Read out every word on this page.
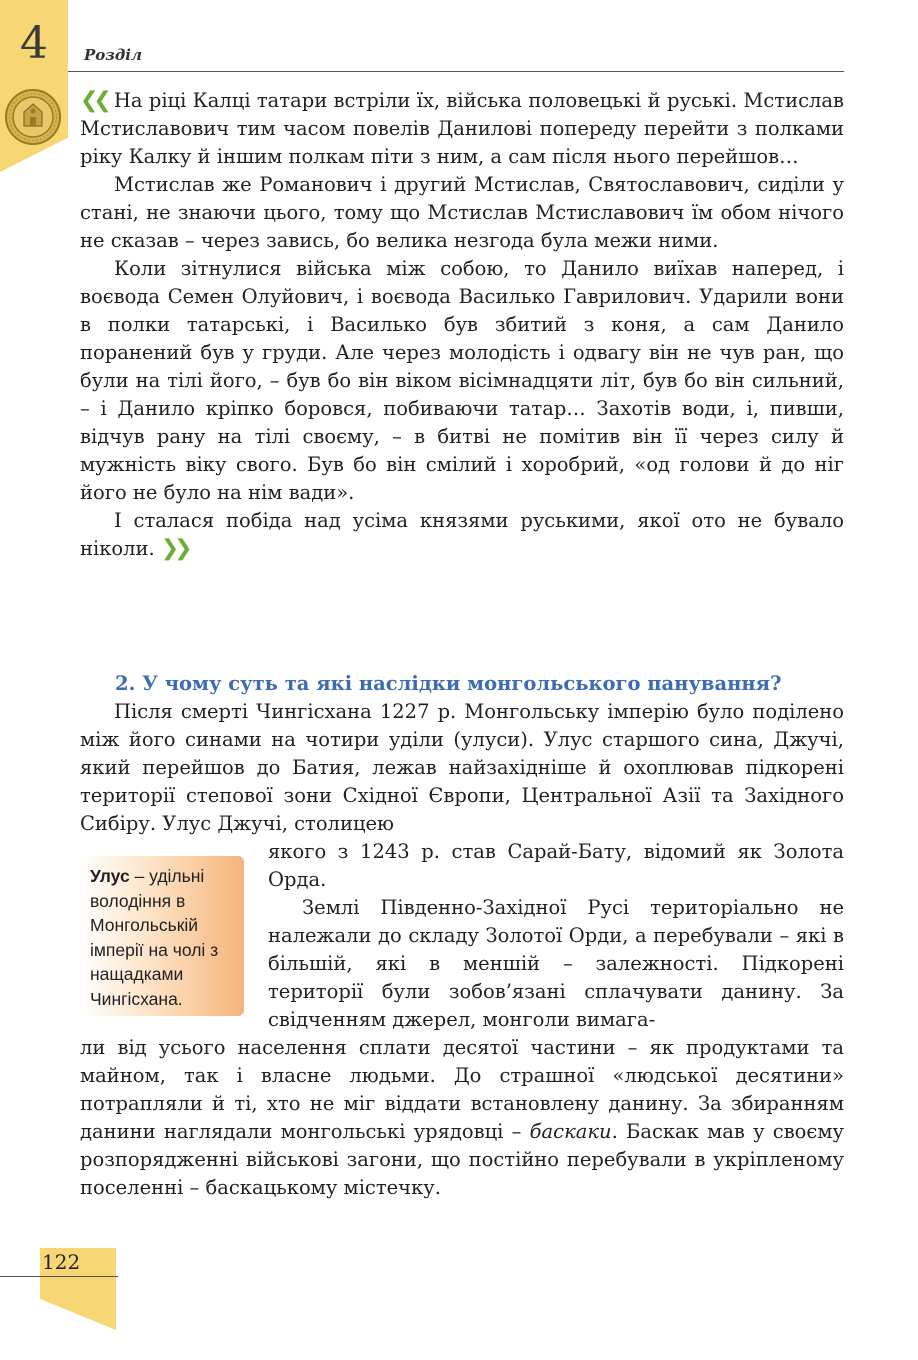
4	Розділ

❮❮ На ріці Калці татари встріли їх, війська половецькі й руські. Мстислав Мстиславович тим часом повелів Данилові попереду перейти з полками ріку Калку й іншим полкам піти з ним, а сам після нього перейшов…

Мстислав же Романович і другий Мстислав, Святославович, сиділи у стані, не знаючи цього, тому що Мстислав Мстиславович їм обом нічого не сказав – через завись, бо велика незгода була межи ними.

Коли зітнулися війська між собою, то Данило виїхав наперед, і воєвода Семен Олуйович, і воєвода Василько Гаврилович. Ударили вони в полки татарські, і Василько був збитий з коня, а сам Данило поранений був у груди. Але через молодість і одвагу він не чув ран, що були на тілі його, – був бо він віком вісімнадцяти літ, був бо він сильний, – і Данило кріпко боровся, побиваючи татар… Захотів води, і, пивши, відчув рану на тілі своєму, – в битві не помітив він її через силу й мужність віку свого. Був бо він смілий і хоробрий, «од голови й до ніг його не було на нім вади».

І сталася побіда над усіма князями руськими, якої ото не бувало ніколи. ❯❯

2. У чому суть та які наслідки монгольського панування?

Після смерті Чингісхана 1227 р. Монгольську імперію було поділено між його синами на чотири уділи (улуси). Улус старшого сина, Джучі, який перейшов до Батия, лежав найзахідніше й охоплював підкорені території степової зони Східної Європи, Центральної Азії та Західного Сибіру. Улус Джучі, столицею

якого з 1243 р. став Сарай-Бату, відомий як Золота Орда.

Землі Південно-Західної Русі територіально не належали до складу Золотої Орди, а перебували – які в більшій, які в меншій – залежності. Підкорені території були зобов’язані сплачувати данину. За свідченням джерел, монголи вимага-

ли від усього населення сплати десятої частини – як продуктами та майном, так і власне людьми. До страшної «людської десятини» потрапляли й ті, хто не міг віддати встановлену данину. За збиранням данини наглядали монгольські урядовці – баскаки. Баскак мав у своєму розпорядженні військові загони, що постійно перебували в укріпленому поселенні – баскацькому містечку.

Улус – удільні володіння в Монгольській імперії на чолі з нащадками Чингісхана.
122
